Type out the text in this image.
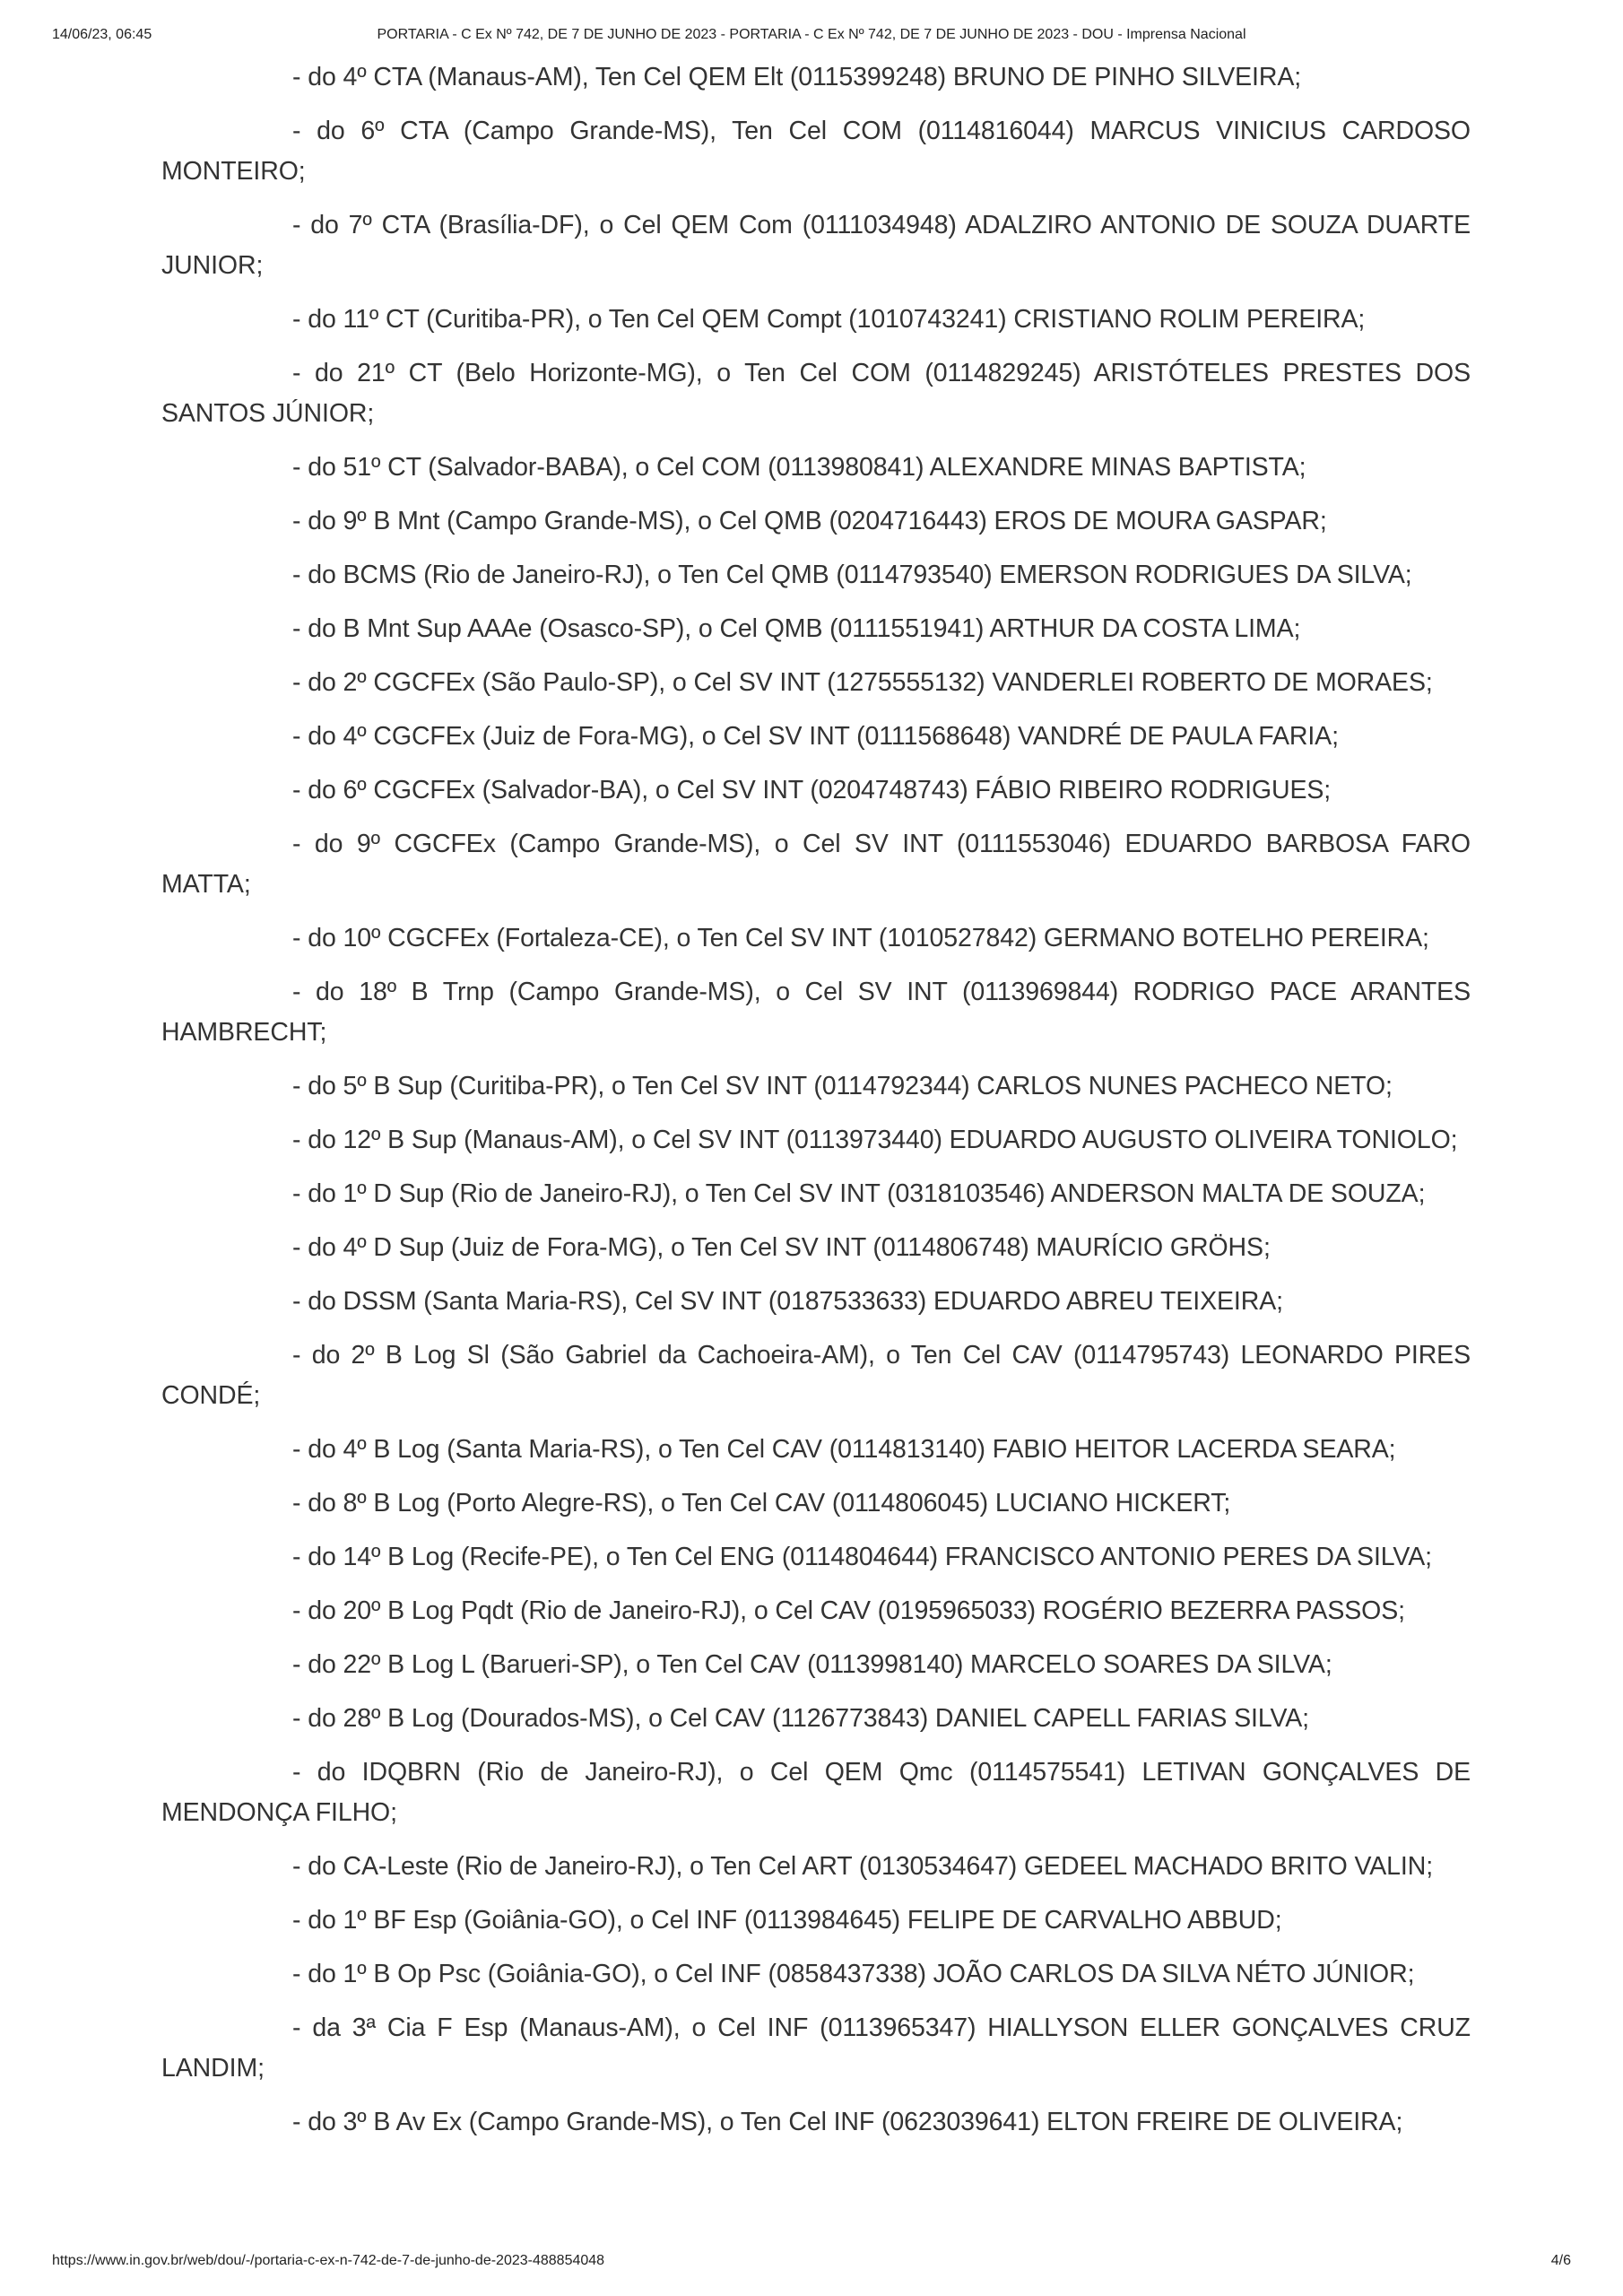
14/06/23, 06:45	PORTARIA - C Ex Nº 742, DE 7 DE JUNHO DE 2023 - PORTARIA - C Ex Nº 742, DE 7 DE JUNHO DE 2023 - DOU - Imprensa Nacional

- do 4º CTA (Manaus-AM), Ten Cel QEM Elt (0115399248) BRUNO DE PINHO SILVEIRA;

- do 6º CTA (Campo Grande-MS), Ten Cel COM (0114816044) MARCUS VINICIUS CARDOSO MONTEIRO;

- do 7º CTA (Brasília-DF), o Cel QEM Com (0111034948) ADALZIRO ANTONIO DE SOUZA DUARTE JUNIOR;

- do 11º CT (Curitiba-PR), o Ten Cel QEM Compt (1010743241) CRISTIANO ROLIM PEREIRA;

- do 21º CT (Belo Horizonte-MG), o Ten Cel COM (0114829245) ARISTÓTELES PRESTES DOS SANTOS JÚNIOR;

- do 51º CT (Salvador-BABA), o Cel COM (0113980841) ALEXANDRE MINAS BAPTISTA;

- do 9º B Mnt (Campo Grande-MS), o Cel QMB (0204716443) EROS DE MOURA GASPAR;

- do BCMS (Rio de Janeiro-RJ), o Ten Cel QMB (0114793540) EMERSON RODRIGUES DA SILVA;

- do B Mnt Sup AAAe (Osasco-SP), o Cel QMB (0111551941) ARTHUR DA COSTA LIMA;

- do 2º CGCFEx (São Paulo-SP), o Cel SV INT (1275555132) VANDERLEI ROBERTO DE MORAES;

- do 4º CGCFEx (Juiz de Fora-MG), o Cel SV INT (0111568648) VANDRÉ DE PAULA FARIA;

- do 6º CGCFEx (Salvador-BA), o Cel SV INT (0204748743) FÁBIO RIBEIRO RODRIGUES;

- do 9º CGCFEx (Campo Grande-MS), o Cel SV INT (0111553046) EDUARDO BARBOSA FARO MATTA;

- do 10º CGCFEx (Fortaleza-CE), o Ten Cel SV INT (1010527842) GERMANO BOTELHO PEREIRA;

- do 18º B Trnp (Campo Grande-MS), o Cel SV INT (0113969844) RODRIGO PACE ARANTES HAMBRECHT;

- do 5º B Sup (Curitiba-PR), o Ten Cel SV INT (0114792344) CARLOS NUNES PACHECO NETO;

- do 12º B Sup (Manaus-AM), o Cel SV INT (0113973440) EDUARDO AUGUSTO OLIVEIRA TONIOLO;

- do 1º D Sup (Rio de Janeiro-RJ), o Ten Cel SV INT (0318103546) ANDERSON MALTA DE SOUZA;

- do 4º D Sup (Juiz de Fora-MG), o Ten Cel SV INT (0114806748) MAURÍCIO GRÖHS;

- do DSSM (Santa Maria-RS), Cel SV INT (0187533633) EDUARDO ABREU TEIXEIRA;

- do 2º B Log Sl (São Gabriel da Cachoeira-AM), o Ten Cel CAV (0114795743) LEONARDO PIRES CONDÉ;

- do 4º B Log (Santa Maria-RS), o Ten Cel CAV (0114813140) FABIO HEITOR LACERDA SEARA;

- do 8º B Log (Porto Alegre-RS), o Ten Cel CAV (0114806045) LUCIANO HICKERT;

- do 14º B Log (Recife-PE), o Ten Cel ENG (0114804644) FRANCISCO ANTONIO PERES DA SILVA;

- do 20º B Log Pqdt (Rio de Janeiro-RJ), o Cel CAV (0195965033) ROGÉRIO BEZERRA PASSOS;

- do 22º B Log L (Barueri-SP), o Ten Cel CAV (0113998140) MARCELO SOARES DA SILVA;

- do 28º B Log (Dourados-MS), o Cel CAV (1126773843) DANIEL CAPELL FARIAS SILVA;

- do IDQBRN (Rio de Janeiro-RJ), o Cel QEM Qmc (0114575541) LETIVAN GONÇALVES DE MENDONÇA FILHO;

- do CA-Leste (Rio de Janeiro-RJ), o Ten Cel ART (0130534647) GEDEEL MACHADO BRITO VALIN;

- do 1º BF Esp (Goiânia-GO), o Cel INF (0113984645) FELIPE DE CARVALHO ABBUD;

- do 1º B Op Psc (Goiânia-GO), o Cel INF (0858437338) JOÃO CARLOS DA SILVA NÉTO JÚNIOR;

- da 3ª Cia F Esp (Manaus-AM), o Cel INF (0113965347) HIALLYSON ELLER GONÇALVES CRUZ LANDIM;

- do 3º B Av Ex (Campo Grande-MS), o Ten Cel INF (0623039641) ELTON FREIRE DE OLIVEIRA;

https://www.in.gov.br/web/dou/-/portaria-c-ex-n-742-de-7-de-junho-de-2023-488854048	4/6
